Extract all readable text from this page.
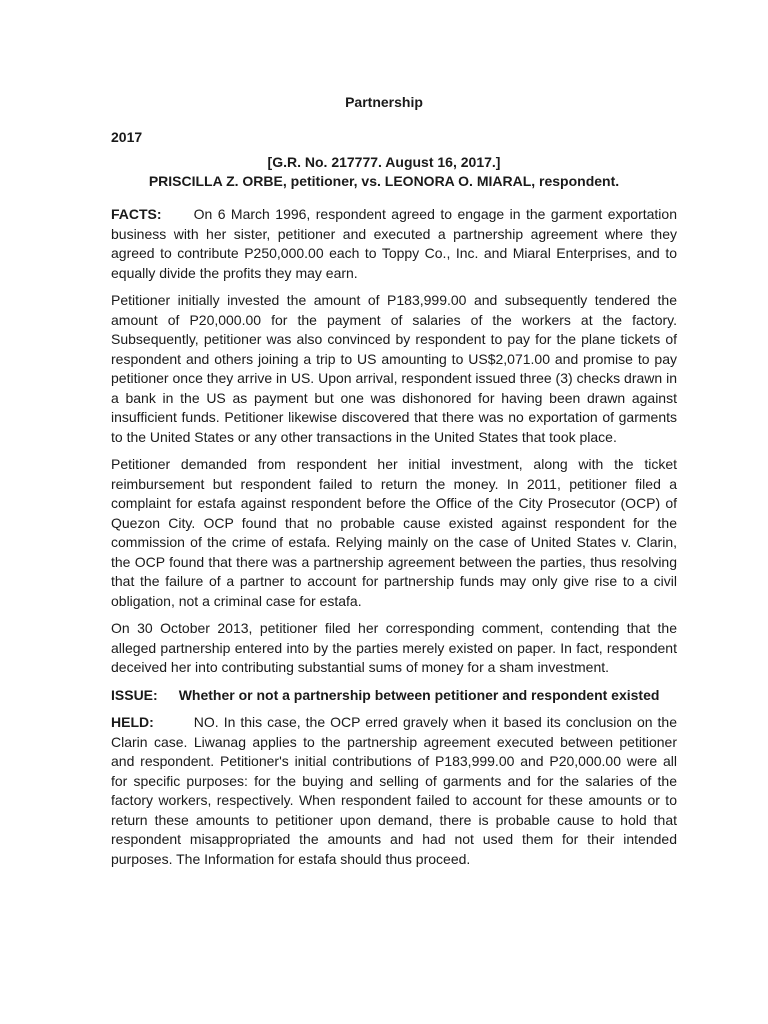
Partnership
2017
[G.R. No. 217777. August 16, 2017.]
PRISCILLA Z. ORBE, petitioner, vs. LEONORA O. MIARAL, respondent.

FACTS: On 6 March 1996, respondent agreed to engage in the garment exportation business with her sister, petitioner and executed a partnership agreement where they agreed to contribute P250,000.00 each to Toppy Co., Inc. and Miaral Enterprises, and to equally divide the profits they may earn.

Petitioner initially invested the amount of P183,999.00 and subsequently tendered the amount of P20,000.00 for the payment of salaries of the workers at the factory. Subsequently, petitioner was also convinced by respondent to pay for the plane tickets of respondent and others joining a trip to US amounting to US$2,071.00 and promise to pay petitioner once they arrive in US. Upon arrival, respondent issued three (3) checks drawn in a bank in the US as payment but one was dishonored for having been drawn against insufficient funds. Petitioner likewise discovered that there was no exportation of garments to the United States or any other transactions in the United States that took place.

Petitioner demanded from respondent her initial investment, along with the ticket reimbursement but respondent failed to return the money. In 2011, petitioner filed a complaint for estafa against respondent before the Office of the City Prosecutor (OCP) of Quezon City. OCP found that no probable cause existed against respondent for the commission of the crime of estafa. Relying mainly on the case of United States v. Clarin, the OCP found that there was a partnership agreement between the parties, thus resolving that the failure of a partner to account for partnership funds may only give rise to a civil obligation, not a criminal case for estafa.

On 30 October 2013, petitioner filed her corresponding comment, contending that the alleged partnership entered into by the parties merely existed on paper. In fact, respondent deceived her into contributing substantial sums of money for a sham investment.

ISSUE: Whether or not a partnership between petitioner and respondent existed

HELD:	NO. In this case, the OCP erred gravely when it based its conclusion on the Clarin case. Liwanag applies to the partnership agreement executed between petitioner and respondent. Petitioner's initial contributions of P183,999.00 and P20,000.00 were all for specific purposes: for the buying and selling of garments and for the salaries of the factory workers, respectively. When respondent failed to account for these amounts or to return these amounts to petitioner upon demand, there is probable cause to hold that respondent misappropriated the amounts and had not used them for their intended purposes. The Information for estafa should thus proceed.
